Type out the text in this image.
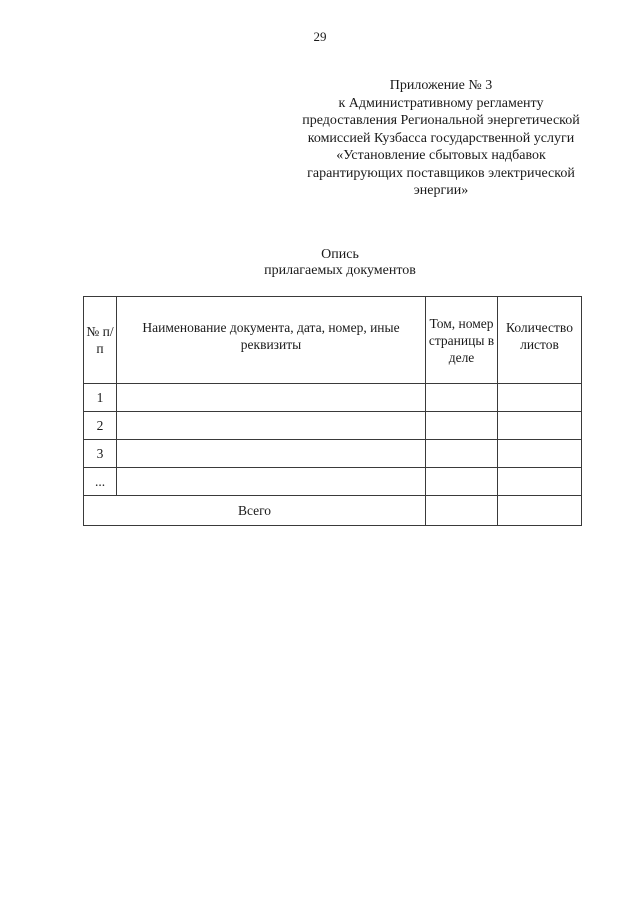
29
Приложение № 3
к Административному регламенту
предоставления Региональной энергетической
комиссией Кузбасса государственной услуги
«Установление сбытовых надбавок
гарантирующих поставщиков электрической
энергии»
Опись
прилагаемых документов
№ п/п	Наименование документа, дата, номер, иные реквизиты	Том, номер страницы в деле	Количество листов
1			
2			
3			
...			
Всего			
